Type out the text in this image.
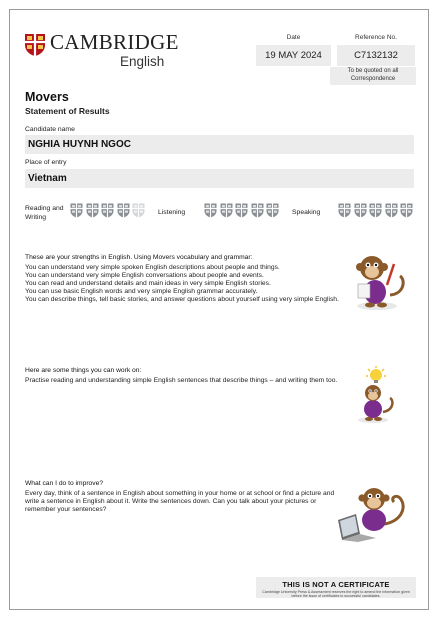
CAMBRIDGE
English
Date
19 MAY 2024
Reference No.
C7132132
To be quoted on all Correspondence
Movers
Statement of Results
Candidate name
NGHIA HUYNH NGOC
Place of entry
Vietnam
Reading and Writing
Listening	Speaking
These are your strengths in English. Using Movers vocabulary and grammar:

You can understand very simple spoken English descriptions about people and things.

You can understand very simple English conversations about people and events.

You can read and understand details and main ideas in very simple English stories.

You can use basic English words and very simple English grammar accurately.

You can describe things, tell basic stories, and answer questions about yourself using very simple English.

Here are some things you can work on:
Practise reading and understanding simple English sentences that describe things – and writing them too.
What can I do to improve?
Every day, think of a sentence in English about something in your home or at school or find a picture and write a sentence in English about it. Write the sentences down. Can you talk about your pictures or remember your sentences?
THIS IS NOT A CERTIFICATE
Cambridge University Press & Assessment reserves the right to amend the information given before the issue of certificates to successful candidates.
